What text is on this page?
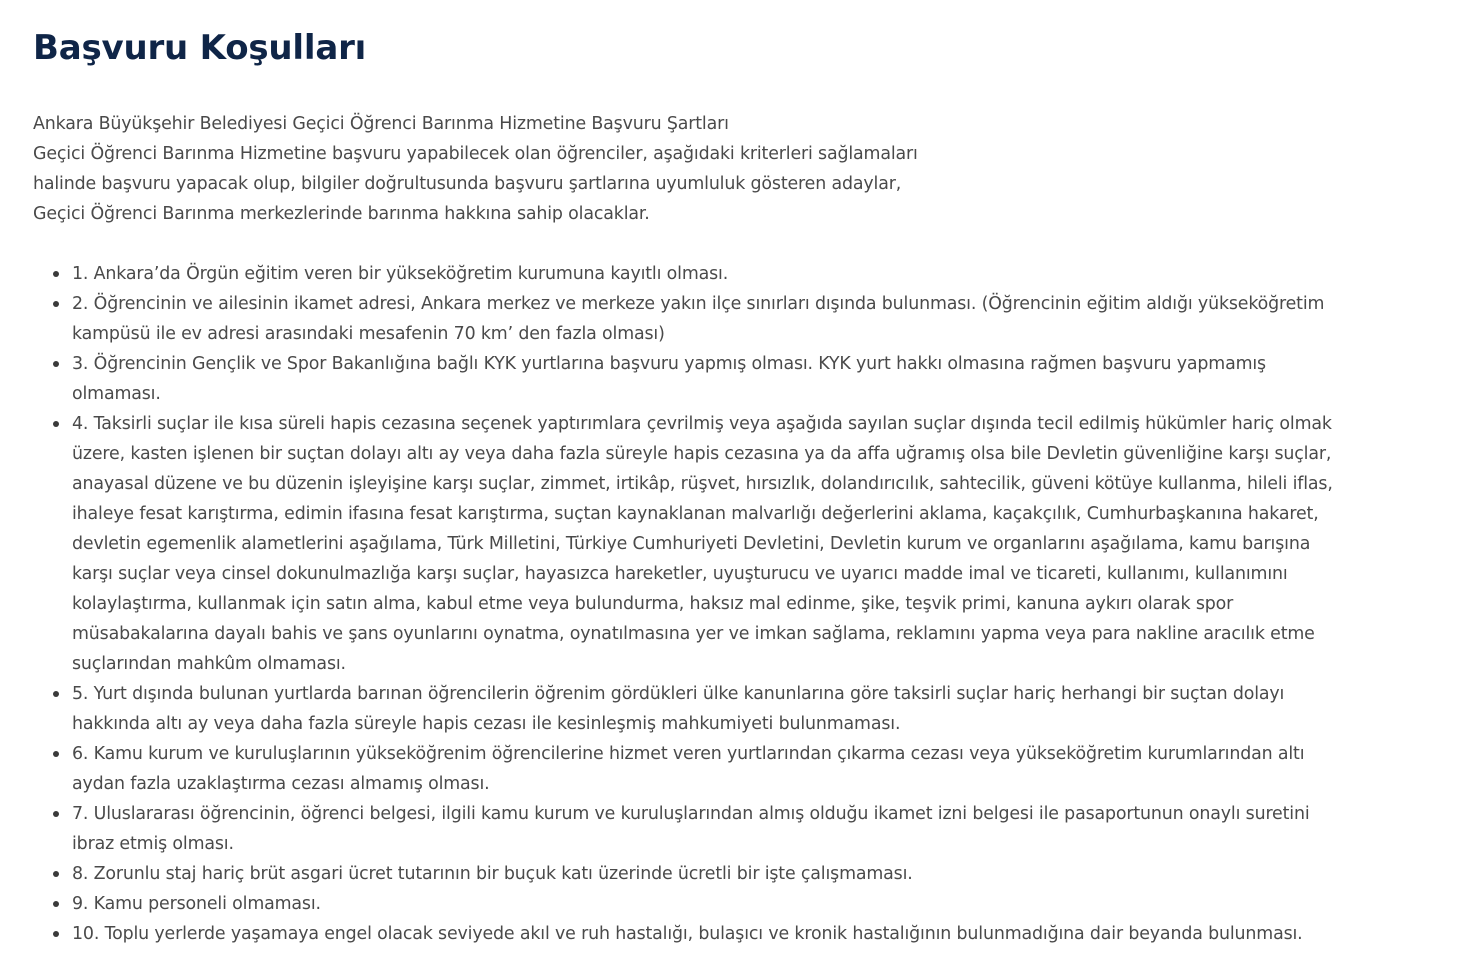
Başvuru Koşulları
Ankara Büyükşehir Belediyesi Geçici Öğrenci Barınma Hizmetine Başvuru Şartları
Geçici Öğrenci Barınma Hizmetine başvuru yapabilecek olan öğrenciler, aşağıdaki kriterleri sağlamaları
halinde başvuru yapacak olup, bilgiler doğrultusunda başvuru şartlarına uyumluluk gösteren adaylar,
Geçici Öğrenci Barınma merkezlerinde barınma hakkına sahip olacaklar.
1. Ankara’da Örgün eğitim veren bir yükseköğretim kurumuna kayıtlı olması.
2. Öğrencinin ve ailesinin ikamet adresi, Ankara merkez ve merkeze yakın ilçe sınırları dışında bulunması. (Öğrencinin eğitim aldığı yükseköğretim
kampüsü ile ev adresi arasındaki mesafenin 70 km’ den fazla olması)
3. Öğrencinin Gençlik ve Spor Bakanlığına bağlı KYK yurtlarına başvuru yapmış olması. KYK yurt hakkı olmasına rağmen başvuru yapmamış
olmaması.
4. Taksirli suçlar ile kısa süreli hapis cezasına seçenek yaptırımlara çevrilmiş veya aşağıda sayılan suçlar dışında tecil edilmiş hükümler hariç olmak
üzere, kasten işlenen bir suçtan dolayı altı ay veya daha fazla süreyle hapis cezasına ya da affa uğramış olsa bile Devletin güvenliğine karşı suçlar,
anayasal düzene ve bu düzenin işleyişine karşı suçlar, zimmet, irtikâp, rüşvet, hırsızlık, dolandırıcılık, sahtecilik, güveni kötüye kullanma, hileli iflas,
ihaleye fesat karıştırma, edimin ifasına fesat karıştırma, suçtan kaynaklanan malvarlığı değerlerini aklama, kaçakçılık, Cumhurbaşkanına hakaret,
devletin egemenlik alametlerini aşağılama, Türk Milletini, Türkiye Cumhuriyeti Devletini, Devletin kurum ve organlarını aşağılama, kamu barışına
karşı suçlar veya cinsel dokunulmazlığa karşı suçlar, hayasızca hareketler, uyuşturucu ve uyarıcı madde imal ve ticareti, kullanımı, kullanımını
kolaylaştırma, kullanmak için satın alma, kabul etme veya bulundurma, haksız mal edinme, şike, teşvik primi, kanuna aykırı olarak spor
müsabakalarına dayalı bahis ve şans oyunlarını oynatma, oynatılmasına yer ve imkan sağlama, reklamını yapma veya para nakline aracılık etme
suçlarından mahkûm olmaması.
5. Yurt dışında bulunan yurtlarda barınan öğrencilerin öğrenim gördükleri ülke kanunlarına göre taksirli suçlar hariç herhangi bir suçtan dolayı
hakkında altı ay veya daha fazla süreyle hapis cezası ile kesinleşmiş mahkumiyeti bulunmaması.
6. Kamu kurum ve kuruluşlarının yükseköğrenim öğrencilerine hizmet veren yurtlarından çıkarma cezası veya yükseköğretim kurumlarından altı
aydan fazla uzaklaştırma cezası almamış olması.
7. Uluslararası öğrencinin, öğrenci belgesi, ilgili kamu kurum ve kuruluşlarından almış olduğu ikamet izni belgesi ile pasaportunun onaylı suretini
ibraz etmiş olması.
8. Zorunlu staj hariç brüt asgari ücret tutarının bir buçuk katı üzerinde ücretli bir işte çalışmaması.
9. Kamu personeli olmaması.
10. Toplu yerlerde yaşamaya engel olacak seviyede akıl ve ruh hastalığı, bulaşıcı ve kronik hastalığının bulunmadığına dair beyanda bulunması.
